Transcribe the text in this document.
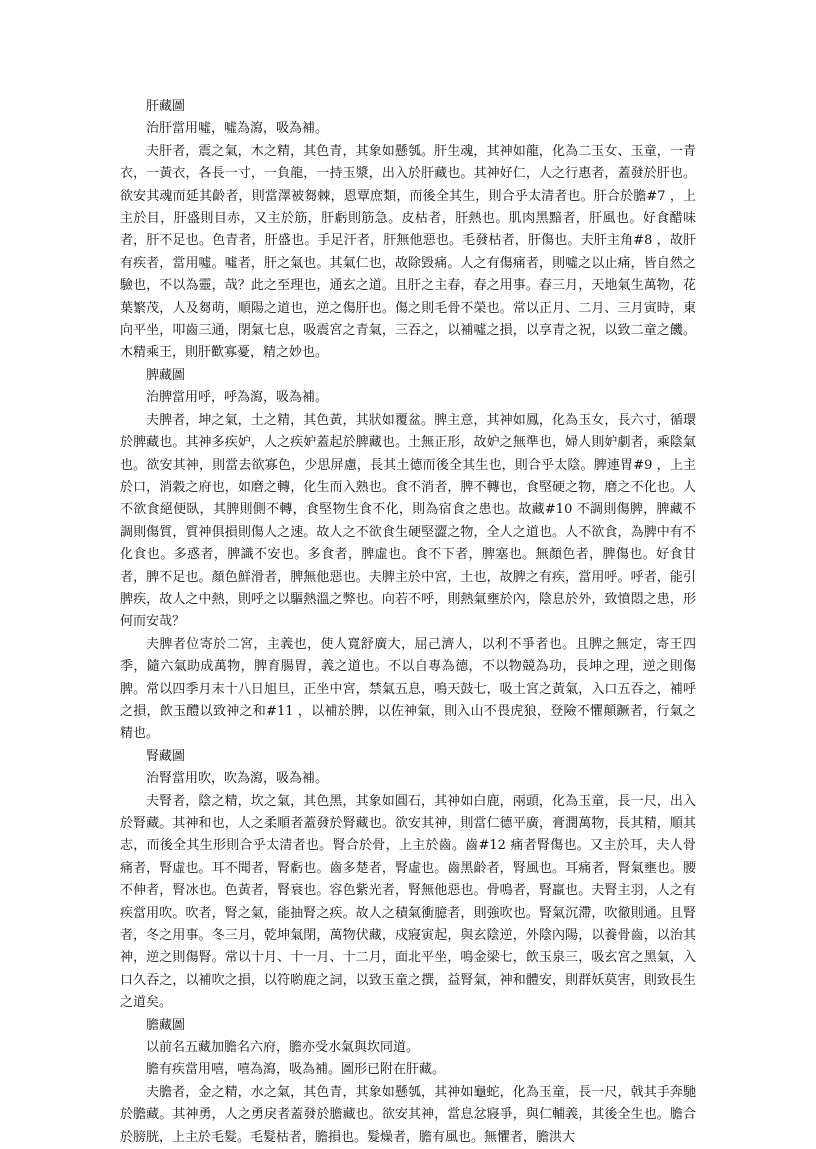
肝藏圖

治肝當用噓，噓為瀉，吸為補。

夫肝者，震之氣，木之精，其色青，其象如懸瓠。肝生魂，其神如龍，化為二玉女、玉童，一青衣，一黃衣，各長一寸，一負龍，一持玉漿，出入於肝藏也。其神好仁，人之行惠者，蓋發於肝也。欲安其魂而延其齡者，則當澤被芻棘，恩覃庶類，而後全其生，則合乎太清者也。肝合於膽#7 ，上主於目，肝盛則目赤，又主於筋，肝虧則筋急。皮枯者，肝熱也。肌肉黑黯者，肝風也。好食醋味者，肝不足也。色青者，肝盛也。手足汗者，肝無他惡也。毛發枯者，肝傷也。夫肝主角#8 ，故肝有疾者，當用噓。噓者，肝之氣也。其氣仁也，故除毀痛。人之有傷痛者，則噓之以止痛，皆自然之驗也，不以為靈，哉？此之至理也，通玄之道。且肝之主春，春之用事。春三月，天地氣生萬物，花葉繁茂，人及芻萌，順陽之道也，逆之傷肝也。傷之則毛骨不榮也。常以正月、二月、三月寅時，東向平坐，叩齒三通，閉氣七息，吸震宮之青氣，三吞之，以補噓之損，以享青之祝，以致二童之饑。木精乘王，則肝歡寡憂，精之妙也。

脾藏圖

治脾當用呼，呼為瀉，吸為補。

夫脾者，坤之氣，土之精，其色黃，其狀如覆盆。脾主意，其神如鳳，化為玉女，長六寸，循環於脾藏也。其神多疾妒，人之疾妒蓋起於脾藏也。土無正形，故妒之無準也，婦人則妒劇者，乘陰氣也。欲安其神，則當去欲寡色，少思屏慮，長其土德而後全其生也，則合乎太陰。脾連胃#9 ，上主於口，消穀之府也，如磨之轉，化生而入熟也。食不消者，脾不轉也，食堅硬之物，磨之不化也。人不欲食絕便臥，其脾則側不轉，食堅物生食不化，則為宿食之患也。故藏#10 不調則傷脾，脾藏不調則傷質，質神俱損則傷人之速。故人之不欲食生硬堅澀之物，全人之道也。人不欲食，為脾中有不化食也。多惑者，脾識不安也。多食者，脾虛也。食不下者，脾塞也。無顏色者，脾傷也。好食甘者，脾不足也。顏色鮮滑者，脾無他惡也。夫脾主於中宮，土也，故脾之有疾，當用呼。呼者，能引脾疾，故人之中熱，則呼之以驅熱溫之弊也。向若不呼，則熱氣壅於內，陰息於外，致憤悶之患，形何而安哉？

夫脾者位寄於二宮，主義也，使人寬舒廣大，屈己濟人，以利不爭者也。且脾之無定，寄王四季，隨六氣助成萬物，脾育腸胃，義之道也。不以自專為德，不以物競為功，長坤之理，逆之則傷脾。常以四季月末十八日旭旦，正坐中宮，禁氣五息，鳴天鼓七，吸土宮之黃氣，入口五吞之，補呼之損，飲玉醴以致神之和#11 ，以補於脾，以佐神氣，則入山不畏虎狼，登險不懼顛蹶者，行氣之精也。

腎藏圖

治腎當用吹，吹為瀉，吸為補。

夫腎者，陰之精，坎之氣，其色黑，其象如圓石，其神如白鹿，兩頭，化為玉童，長一尺，出入於腎藏。其神和也，人之柔順者蓋發於腎藏也。欲安其神，則當仁德平廣，膏潤萬物，長其精，順其志，而後全其生形則合乎太清者也。腎合於骨，上主於齒。齒#12 痛者腎傷也。又主於耳，夫人骨痛者，腎虛也。耳不聞者，腎虧也。齒多楚者，腎虛也。齒黑齡者，腎風也。耳痛者，腎氣壅也。腰不伸者，腎冰也。色黃者，腎衰也。容色紫光者，腎無他惡也。骨鳴者，腎羸也。夫腎主羽，人之有疾當用吹。吹者，腎之氣，能抽腎之疾。故人之積氣衝臆者，則強吹也。腎氣沉滯，吹徹則通。且腎者，冬之用事。冬三月，乾坤氣閉，萬物伏藏，戍寢寅起，與玄陰逆，外陰內陽，以養骨齒，以治其神，逆之則傷腎。常以十月、十一月、十二月，面北平坐，鳴金梁七，飲玉泉三，吸玄宮之黑氣，入口久吞之，以補吹之損，以符喲鹿之詞，以致玉童之撰，益腎氣，神和體安，則群妖莫害，則致長生之道矣。

膽藏圖

以前名五藏加膽名六府，膽亦受水氣與坎同道。

膽有疾當用嘻，嘻為瀉，吸為補。圖形已附在肝藏。

夫膽者，金之精，水之氣，其色青，其象如懸瓠，其神如龜蛇，化為玉童，長一尺，戟其手奔馳於膽藏。其神勇，人之勇戾者蓋發於膽藏也。欲安其神，當息忿寢爭，與仁輔義，其後全生也。膽合於膀胱，上主於毛髮。毛髮枯者，膽損也。髮燥者，膽有風也。無懼者，膽洪大
